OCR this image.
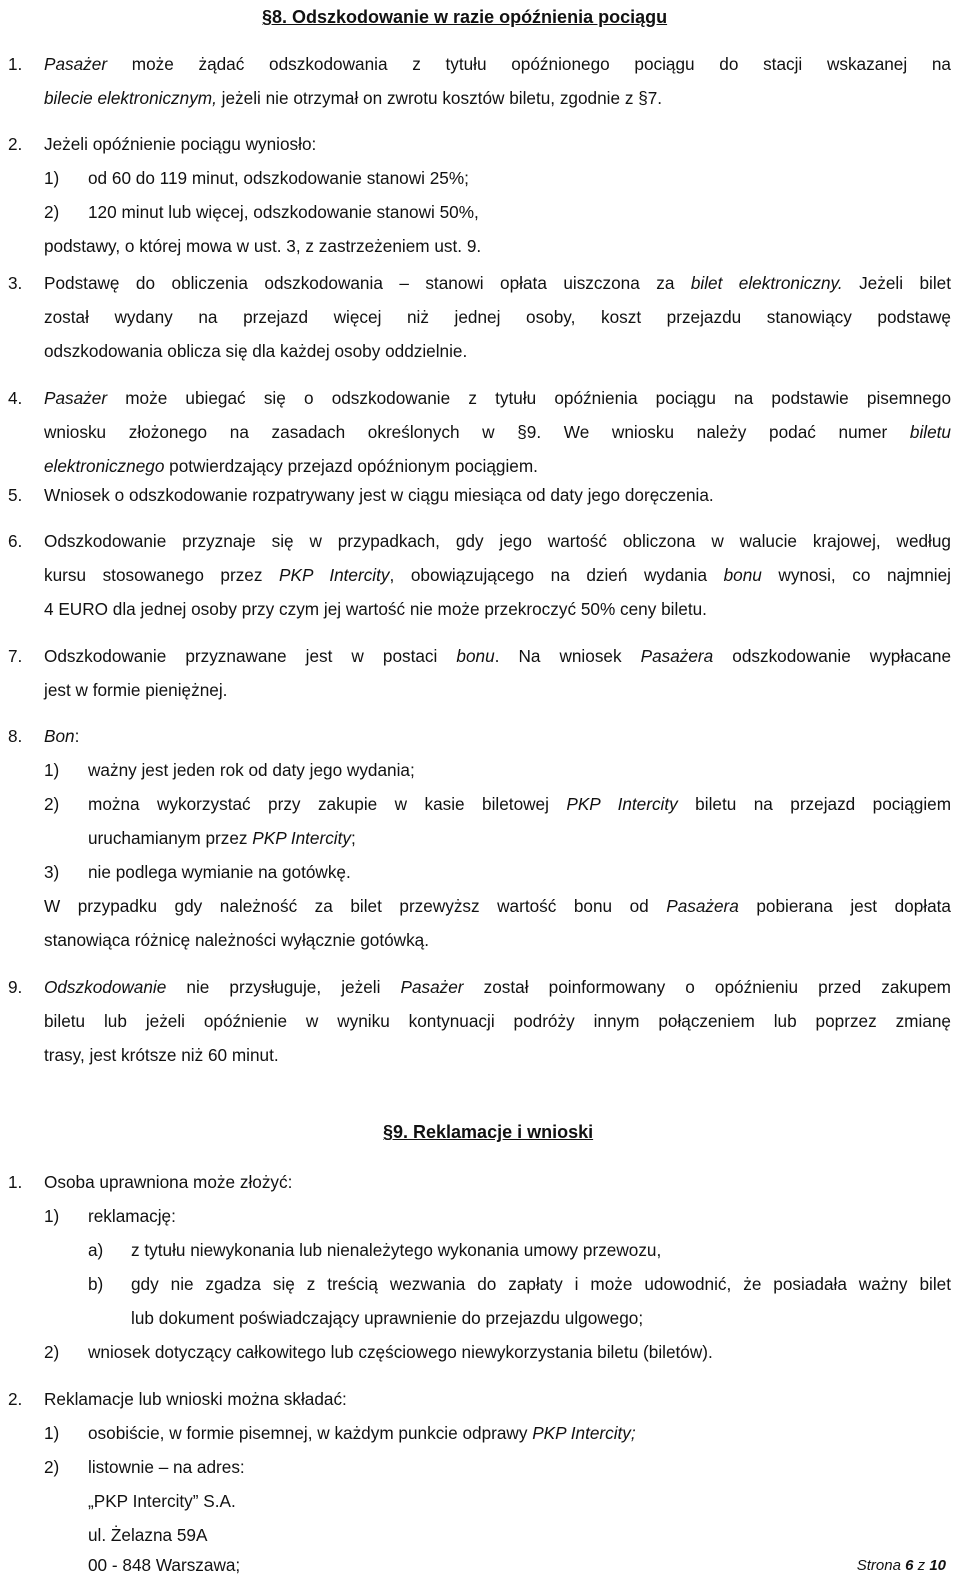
§8. Odszkodowanie w razie opóźnienia pociągu
1. Pasażer może żądać odszkodowania z tytułu opóźnionego pociągu do stacji wskazanej na
bilecie elektronicznym, jeżeli nie otrzymał on zwrotu kosztów biletu, zgodnie z §7.
2. Jeżeli opóźnienie pociągu wyniosło:
1) od 60 do 119 minut, odszkodowanie stanowi 25%;
2) 120 minut lub więcej, odszkodowanie stanowi 50%,
podstawy, o której mowa w ust. 3, z zastrzeżeniem ust. 9.
3. Podstawę do obliczenia odszkodowania – stanowi opłata uiszczona za bilet elektroniczny. Jeżeli bilet
został wydany na przejazd więcej niż jednej osoby, koszt przejazdu stanowiący podstawę
odszkodowania oblicza się dla każdej osoby oddzielnie.
4. Pasażer może ubiegać się o odszkodowanie z tytułu opóźnienia pociągu na podstawie pisemnego
wniosku złożonego na zasadach określonych w §9. We wniosku należy podać numer biletu
elektronicznego potwierdzający przejazd opóźnionym pociągiem.
5. Wniosek o odszkodowanie rozpatrywany jest w ciągu miesiąca od daty jego doręczenia.
6. Odszkodowanie przyznaje się w przypadkach, gdy jego wartość obliczona w walucie krajowej, według
kursu stosowanego przez PKP Intercity, obowiązującego na dzień wydania bonu wynosi, co najmniej
4 EURO dla jednej osoby przy czym jej wartość nie może przekroczyć 50% ceny biletu.
7. Odszkodowanie przyznawane jest w postaci bonu. Na wniosek Pasażera odszkodowanie wypłacane
jest w formie pieniężnej.
8. Bon:
1) ważny jest jeden rok od daty jego wydania;
2) można wykorzystać przy zakupie w kasie biletowej PKP Intercity biletu na przejazd pociągiem
uruchamianym przez PKP Intercity;
3) nie podlega wymianie na gotówkę.
W przypadku gdy należność za bilet przewyższ wartość bonu od Pasażera pobierana jest dopłata
stanowiąca różnicę należności wyłącznie gotówką.
9. Odszkodowanie nie przysługuje, jeżeli Pasażer został poinformowany o opóźnieniu przed zakupem
biletu lub jeżeli opóźnienie w wyniku kontynuacji podróży innym połączeniem lub poprzez zmianę
trasy, jest krótsze niż 60 minut.
§9. Reklamacje i wnioski
1. Osoba uprawniona może złożyć:
1) reklamację:
a) z tytułu niewykonania lub nienależytego wykonania umowy przewozu,
b) gdy nie zgadza się z treścią wezwania do zapłaty i może udowodnić, że posiadała ważny bilet
lub dokument poświadczający uprawnienie do przejazdu ulgowego;
2) wniosek dotyczący całkowitego lub częściowego niewykorzystania biletu (biletów).
2. Reklamacje lub wnioski można składać:
1) osobiście, w formie pisemnej, w każdym punkcie odprawy PKP Intercity;
2) listownie – na adres:
„PKP Intercity” S.A.
ul. Żelazna 59A
00 - 848 Warszawa;	Strona 6 z 10
